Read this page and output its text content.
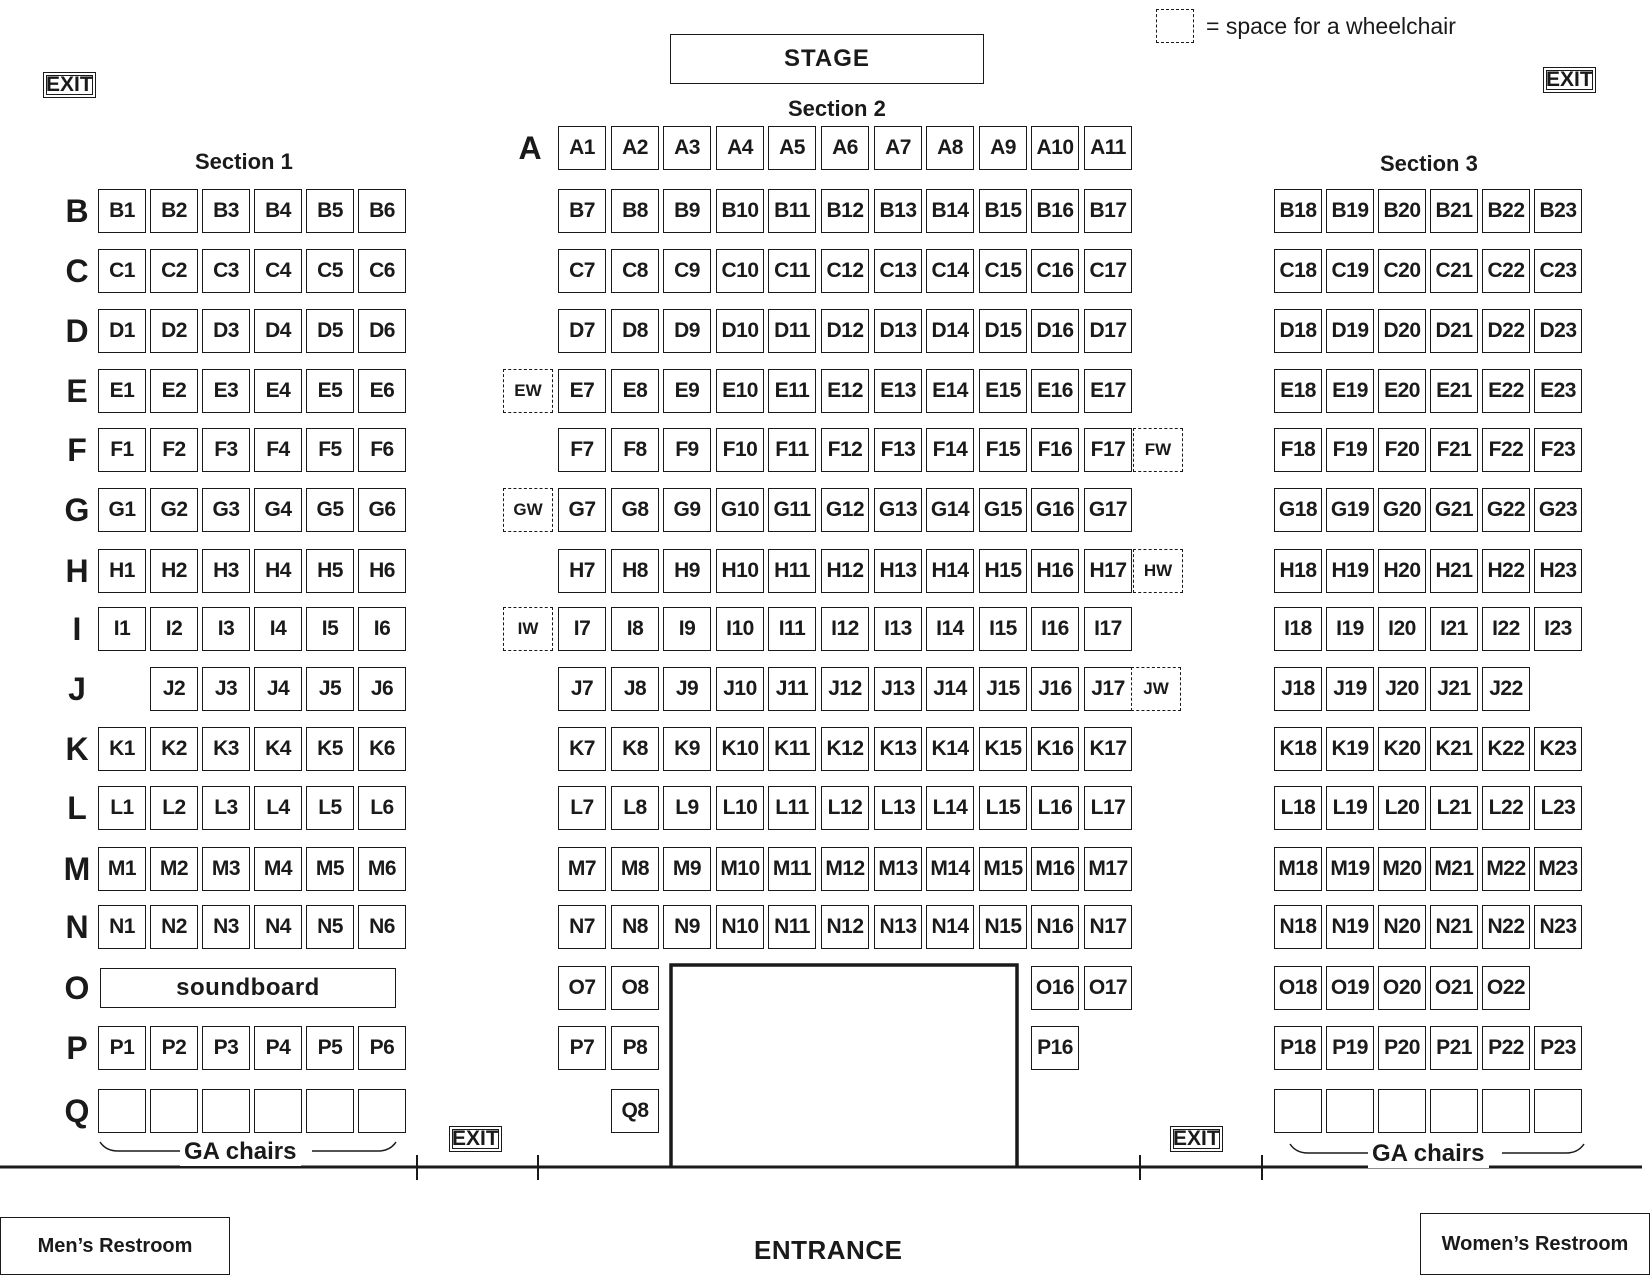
= space for a wheelchair
STAGE
Section 1
Section 2
Section 3
EXIT	EXIT
EXIT	EXIT
soundboard
GA chairs	GA chairs
Men’s Restroom	Women’s Restroom
ENTRANCE
B
C
D
E
F
G
H
I
J
K
L
M
N
O
P
Q
A
B1	B2	B3	B4	B5	B6
C1	C2	C3	C4	C5	C6
D1	D2	D3	D4	D5	D6
E1	E2	E3	E4	E5	E6
F1	F2	F3	F4	F5	F6
G1	G2	G3	G4	G5	G6
H1	H2	H3	H4	H5	H6
I1	I2	I3	I4	I5	I6
J2	J3	J4	J5	J6
K1	K2	K3	K4	K5	K6
L1	L2	L3	L4	L5	L6
M1	M2	M3	M4	M5	M6
N1	N2	N3	N4	N5	N6
P1	P2	P3	P4	P5	P6
A1	A2	A3	A4	A5	A6	A7	A8	A9 A10 A11
B7	B8	B9	B10 B11 B12 B13 B14 B15 B16 B17
C7	C8	C9	C10 C11 C12 C13 C14 C15 C16 C17
D7	D8	D9	D10 D11 D12 D13 D14 D15 D16 D17
E7	E8	E9	E10 E11 E12 E13 E14 E15 E16 E17
F7	F8	F9	F10 F11 F12 F13 F14 F15 F16 F17
G7	G8	G9 G10 G11 G12 G13 G14 G15 G16 G17
H7	H8	H9	H10 H11 H12 H13 H14 H15 H16 H17
I7	I8	I9	I10	I11	I12	I13	I14	I15	I16	I17
J7	J8	J9	J10 J11 J12 J13 J14 J15 J16 J17
K7	K8	K9	K10 K11 K12 K13 K14 K15 K16 K17
L7	L8	L9	L10 L11 L12 L13 L14 L15 L16 L17
M7	M8	M9 M10 M11 M12 M13 M14 M15 M16 M17
N7	N8	N9	N10 N11 N12 N13 N14 N15 N16 N17
O7	O8	O16 O17
P7	P8	P16
Q8
B18 B19 B20 B21 B22 B23
C18 C19 C20 C21 C22 C23
D18 D19 D20 D21 D22 D23
E18 E19 E20 E21 E22 E23
F18 F19 F20 F21 F22 F23
G18 G19 G20 G21 G22 G23
H18 H19 H20 H21 H22 H23
I18	I19	I20	I21	I22	I23
J18 J19 J20 J21 J22
K18 K19 K20 K21 K22 K23
L18 L19 L20 L21 L22 L23
M18 M19 M20 M21 M22 M23
N18 N19 N20 N21 N22 N23
O18 O19 O20 O21 O22
P18 P19 P20 P21 P22 P23
EW
FW
GW
HW
IW
JW
